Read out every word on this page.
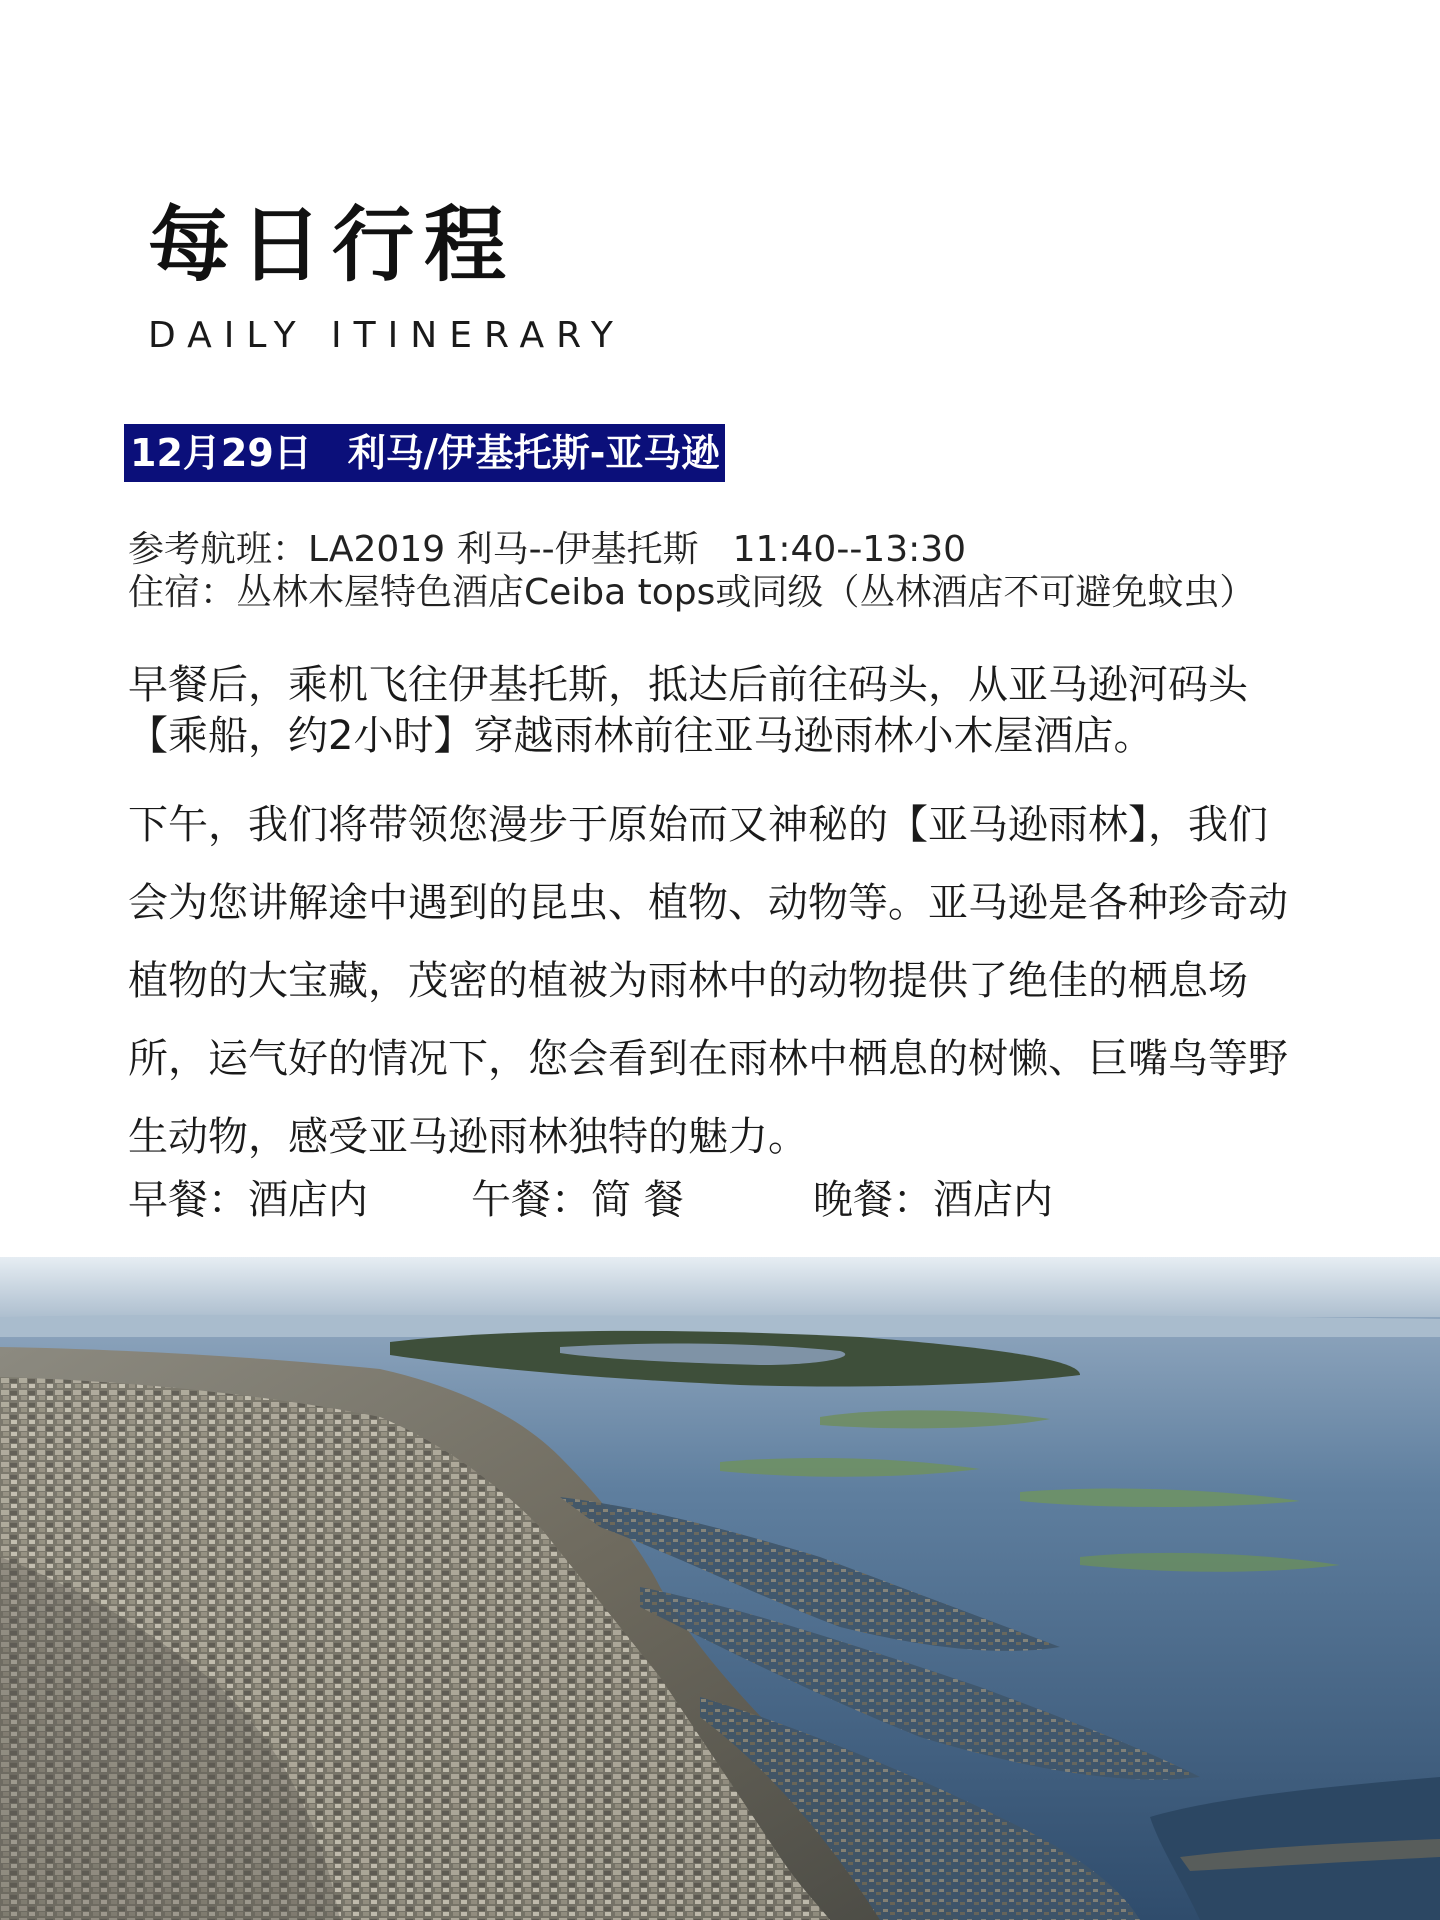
每日行程
DAILY ITINERARY
12月29日 利马/伊基托斯-亚马逊
参考航班：LA2019 利马--伊基托斯 11:40--13:30
住宿：丛林木屋特色酒店Ceiba tops或同级（丛林酒店不可避免蚊虫）

早餐后，乘机飞往伊基托斯，抵达后前往码头，从亚马逊河码头【乘船，约2小时】穿越雨林前往亚马逊雨林小木屋酒店。

下午，我们将带领您漫步于原始而又神秘的【亚马逊雨林】，我们会为您讲解途中遇到的昆虫、植物、动物等。亚马逊是各种珍奇动植物的大宝藏，茂密的植被为雨林中的动物提供了绝佳的栖息场所，运气好的情况下，您会看到在雨林中栖息的树懒、巨嘴鸟等野生动物，感受亚马逊雨林独特的魅力。

早餐：酒店内	午餐：简 餐	晚餐：酒店内
